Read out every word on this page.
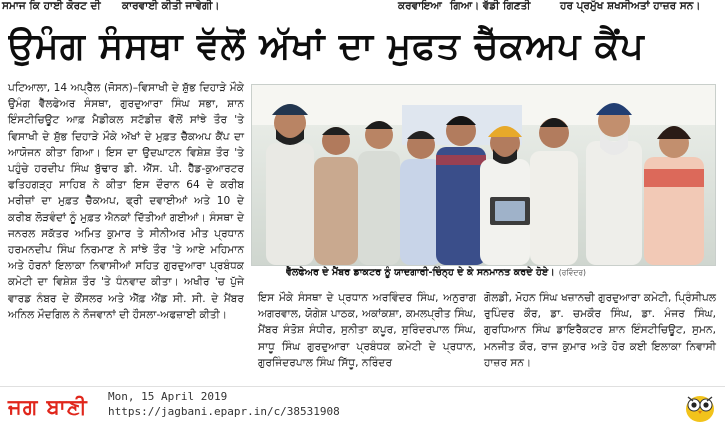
ਸਮਾਜ ਕਿ ਹਾਈ ਕੋਰਟ ਦੀ ਕਾਰਵਾਈ ਕੀਤੀ ਜਾਵੇਗੀ।	ਕਰਵਾਇਆ ਗਿਆ। ਵੱਡੀ ਗਿਣਤੀ	ਹਰ ਪ੍ਰਮੁੱਖ ਸ਼ਖਸੀਅਤਾਂ ਹਾਜ਼ਰ ਸਨ।
ਉਮੰਗ ਸੰਸਥਾ ਵੱਲੋਂ ਅੱਖਾਂ ਦਾ ਮੁਫਤ ਚੈੱਕਅਪ ਕੈਂਪ

ਪਟਿਆਲਾ, 14 ਅਪ੍ਰੈਲ (ਜੋਸਨ)–ਵਿਸਾਖੀ ਦੇ ਸ਼ੁੱਭ ਦਿਹਾੜੇ ਮੌਕੇ ਉਮੰਗ ਵੈੱਲਫੇਅਰ ਸੰਸਥਾ, ਗੁਰਦੁਆਰਾ ਸਿੰਘ ਸਭਾ, ਸ਼ਾਨ ਇੰਸਟੀਚਿਊਟ ਆਫ਼ ਮੈਡੀਕਲ ਸਟੱਡੀਜ਼ ਵੱਲੋਂ ਸਾਂਝੇ ਤੌਰ 'ਤੇ ਵਿਸਾਖੀ ਦੇ ਸ਼ੁੱਭ ਦਿਹਾੜੇ ਮੌਕੇ ਅੱਖਾਂ ਦੇ ਮੁਫ਼ਤ ਚੈੱਕਅਪ ਕੈਂਪ ਦਾ ਆਯੋਜਨ ਕੀਤਾ ਗਿਆ। ਇਸ ਦਾ ਉਦਘਾਟਨ ਵਿਸ਼ੇਸ਼ ਤੌਰ 'ਤੇ ਪਹੁੰਚੇ ਹਰਦੀਪ ਸਿੰਘ ਬੁੱਢਾਰ ਡੀ. ਐੱਸ. ਪੀ. ਹੈੱਡ-ਕੁਆਰਟਰ ਫਤਿਹਗੜ੍ਹ ਸਾਹਿਬ ਨੇ ਕੀਤਾ ਇਸ ਦੌਰਾਨ 64 ਦੇ ਕਰੀਬ ਮਰੀਜ਼ਾਂ ਦਾ ਮੁਫ਼ਤ ਚੈੱਕਅਪ, ਫ੍ਰੀ ਦਵਾਈਆਂ ਅਤੇ 10 ਦੇ ਕਰੀਬ ਲੋੜਵੰਦਾਂ ਨੂੰ ਮੁਫ਼ਤ ਐਨਕਾਂ ਦਿੱਤੀਆਂ ਗਈਆਂ। ਸੰਸਥਾ ਦੇ ਜਨਰਲ ਸਕੱਤਰ ਅਮਿਤ ਕੁਮਾਰ ਤੇ ਸੀਨੀਅਰ ਮੀਤ ਪ੍ਰਧਾਨ ਹਰਮਨਦੀਪ ਸਿੰਘ ਨਿਰਮਾਣ ਨੇ ਸਾਂਝੇ ਤੌਰ 'ਤੇ ਆਏ ਮਹਿਮਾਨ ਅਤੇ ਹੋਰਨਾਂ ਇਲਾਕਾ ਨਿਵਾਸੀਆਂ ਸਹਿਤ ਗੁਰਦੁਆਰਾ ਪ੍ਰਬੰਧਕ ਕਮੇਟੀ ਦਾ ਵਿਸ਼ੇਸ਼ ਤੌਰ 'ਤੇ ਧੰਨਵਾਦ ਕੀਤਾ। ਅਖੀਰ 'ਚ ਪੁੱਜੇ ਵਾਰਡ ਨੰਬਰ ਦੇ ਕੌਂਸਲਰ ਅਤੇ ਐੱਫ਼ ਐਂਡ ਸੀ. ਸੀ. ਦੇ ਮੈਂਬਰ ਅਨਿਲ ਮੌਦਗਿਲ ਨੇ ਨੌਜਵਾਨਾਂ ਦੀ ਹੌਸਲਾ-ਅਫਜ਼ਾਈ ਕੀਤੀ।

ਵੈੱਲਫੇਅਰ ਦੇ ਮੈਂਬਰ ਡਾਕਟਰ ਨੂੰ ਯਾਦਗਾਰੀ-ਚਿੰਨ੍ਹ ਦੇ ਕੇ ਸਨਮਾਨਤ ਕਰਦੇ ਹੋਏ। (ਰਵਿੰਦਰ)

ਇਸ ਮੌਕੇ ਸੰਸਥਾ ਦੇ ਪ੍ਰਧਾਨ ਅਰਵਿੰਦਰ ਸਿੰਘ, ਅਨੁਰਾਗ ਅਗਰਵਾਲ, ਯੋਗੇਸ਼ ਪਾਠਕ, ਅਕਾਂਕਸ਼ਾ, ਕਮਲਪ੍ਰੀਤ ਸਿੰਘ, ਮੈਂਬਰ ਸੰਤੋਸ਼ ਸੰਧੀਰ, ਸੁਨੀਤਾ ਕਪੂਰ, ਸੁਰਿੰਦਰਪਾਲ ਸਿੰਘ, ਸਾਧੂ ਸਿੰਘ ਗੁਰਦੁਆਰਾ ਪ੍ਰਬੰਧਕ ਕਮੇਟੀ ਦੇ ਪ੍ਰਧਾਨ, ਗੁਰਜਿੰਦਰਪਾਲ ਸਿੰਘ ਸਿੱਧੂ, ਨਰਿੰਦਰ

ਗੋਲਡੀ, ਮੋਹਨ ਸਿੰਘ ਖਜ਼ਾਨਚੀ ਗੁਰਦੁਆਰਾ ਕਮੇਟੀ, ਪ੍ਰਿੰਸੀਪਲ ਰੁਪਿੰਦਰ ਕੌਰ, ਡਾ. ਚਮਕੌਰ ਸਿੰਘ, ਡਾ. ਮੰਜਰ ਸਿੰਘ, ਗੁਰਧਿਆਨ ਸਿੰਘ ਡਾਇਰੈਕਟਰ ਸ਼ਾਨ ਇੰਸਟੀਚਿਊਟ, ਸੁਮਨ, ਮਨਜੀਤ ਕੌਰ, ਰਾਜ ਕੁਮਾਰ ਅਤੇ ਹੋਰ ਕਈ ਇਲਾਕਾ ਨਿਵਾਸੀ ਹਾਜ਼ਰ ਸਨ।

ਜਗ ਬਾਣੀ Mon, 15 April 2019
https://jagbani.epapr.in/c/38531908
